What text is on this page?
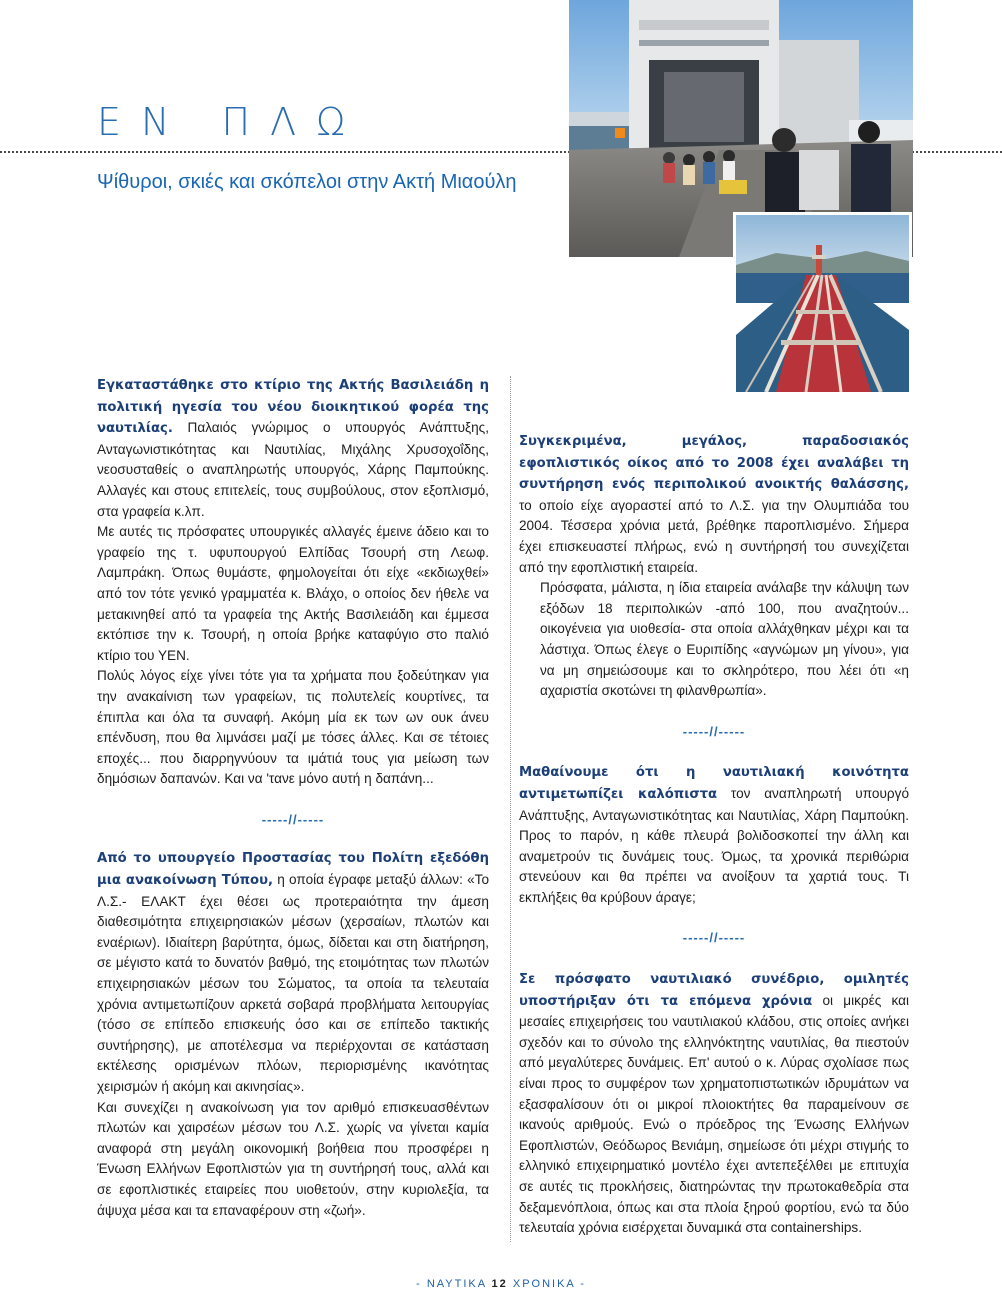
ΕΝ ΠΛΩ
Ψίθυροι, σκιές και σκόπελοι στην Ακτή Μιαούλη

Εγκαταστάθηκε στο κτίριο της Ακτής Βασιλειάδη η πολιτική ηγεσία του νέου διοικητικού φορέα της ναυτιλίας. Παλαιός γνώριμος ο υπουργός Ανάπτυξης, Ανταγωνιστικότητας και Ναυτιλίας, Μιχάλης Χρυσοχοΐδης, νεοσυσταθείς ο αναπληρωτής υπουργός, Χάρης Παμπούκης. Αλλαγές και στους επιτελείς, τους συμβούλους, στον εξοπλισμό, στα γραφεία κ.λπ.

Με αυτές τις πρόσφατες υπουργικές αλλαγές έμεινε άδειο και το γραφείο της τ. υφυπουργού Ελπίδας Τσουρή στη Λεωφ. Λαμπράκη. Όπως θυμάστε, φημολογείται ότι είχε «εκδιωχθεί» από τον τότε γενικό γραμματέα κ. Βλάχο, ο οποίος δεν ήθελε να μετακινηθεί από τα γραφεία της Ακτής Βασιλειάδη και έμμεσα εκτόπισε την κ. Τσουρή, η οποία βρήκε καταφύγιο στο παλιό κτίριο του ΥΕΝ.

Πολύς λόγος είχε γίνει τότε για τα χρήματα που ξοδεύτηκαν για την ανακαίνιση των γραφείων, τις πολυτελείς κουρτίνες, τα έπιπλα και όλα τα συναφή. Ακόμη μία εκ των ων ουκ άνευ επένδυση, που θα λιμνάσει μαζί με τόσες άλλες. Και σε τέτοιες εποχές... που διαρρηγνύουν τα ιμάτιά τους για μείωση των δημόσιων δαπανών. Και να 'τανε μόνο αυτή η δαπάνη...

-----//-----

Από το υπουργείο Προστασίας του Πολίτη εξεδόθη μια ανακοίνωση Τύπου, η οποία έγραφε μεταξύ άλλων: «Το Λ.Σ.- ΕΛΑΚΤ έχει θέσει ως προτεραιότητα την άμεση διαθεσιμότητα επιχειρησιακών μέσων (χερσαίων, πλωτών και εναέριων). Ιδιαίτερη βαρύτητα, όμως, δίδεται και στη διατήρηση, σε μέγιστο κατά το δυνατόν βαθμό, της ετοιμότητας των πλωτών επιχειρησιακών μέσων του Σώματος, τα οποία τα τελευταία χρόνια αντιμετωπίζουν αρκετά σοβαρά προβλήματα λειτουργίας (τόσο σε επίπεδο επισκευής όσο και σε επίπεδο τακτικής συντήρησης), με αποτέλεσμα να περιέρχονται σε κατάσταση εκτέλεσης ορισμένων πλόων, περιορισμένης ικανότητας χειρισμών ή ακόμη και ακινησίας».

Και συνεχίζει η ανακοίνωση για τον αριθμό επισκευασθέντων πλωτών και χαιρσέων μέσων του Λ.Σ. χωρίς να γίνεται καμία αναφορά στη μεγάλη οικονομική βοήθεια που προσφέρει η Ένωση Ελλήνων Εφοπλιστών για τη συντήρησή τους, αλλά και σε εφοπλιστικές εταιρείες που υιοθετούν, στην κυριολεξία, τα άψυχα μέσα και τα επαναφέρουν στη «ζωή».

Συγκεκριμένα, μεγάλος, παραδοσιακός εφοπλιστικός οίκος από το 2008 έχει αναλάβει τη συντήρηση ενός περιπολικού ανοικτής θαλάσσης, το οποίο είχε αγοραστεί από το Λ.Σ. για την Ολυμπιάδα του 2004. Τέσσερα χρόνια μετά, βρέθηκε παροπλισμένο. Σήμερα έχει επισκευαστεί πλήρως, ενώ η συντήρησή του συνεχίζεται από την εφοπλιστική εταιρεία.

Πρόσφατα, μάλιστα, η ίδια εταιρεία ανάλαβε την κάλυψη των εξόδων 18 περιπολικών -από 100, που αναζητούν... οικογένεια για υιοθεσία- στα οποία αλλάχθηκαν μέχρι και τα λάστιχα. Όπως έλεγε ο Ευριπίδης «αγνώμων μη γίνου», για να μη σημειώσουμε και το σκληρότερο, που λέει ότι «η αχαριστία σκοτώνει τη φιλανθρωπία».

-----//-----

Μαθαίνουμε ότι η ναυτιλιακή κοινότητα αντιμετωπίζει καλόπιστα τον αναπληρωτή υπουργό Ανάπτυξης, Ανταγωνιστικότητας και Ναυτιλίας, Χάρη Παμπούκη. Προς το παρόν, η κάθε πλευρά βολιδοσκοπεί την άλλη και αναμετρούν τις δυνάμεις τους. Όμως, τα χρονικά περιθώρια στενεύουν και θα πρέπει να ανοίξουν τα χαρτιά τους. Τι εκπλήξεις θα κρύβουν άραγε;

-----//-----

Σε πρόσφατο ναυτιλιακό συνέδριο, ομιλητές υποστήριξαν ότι τα επόμενα χρόνια οι μικρές και μεσαίες επιχειρήσεις του ναυτιλιακού κλάδου, στις οποίες ανήκει σχεδόν και το σύνολο της ελληνόκτητης ναυτιλίας, θα πιεστούν από μεγαλύτερες δυνάμεις. Επ' αυτού ο κ. Λύρας σχολίασε πως είναι προς το συμφέρον των χρηματοπιστωτικών ιδρυμάτων να εξασφαλίσουν ότι οι μικροί πλοιοκτήτες θα παραμείνουν σε ικανούς αριθμούς. Ενώ ο πρόεδρος της Ένωσης Ελλήνων Εφοπλιστών, Θεόδωρος Βενιάμη, σημείωσε ότι μέχρι στιγμής το ελληνικό επιχειρηματικό μοντέλο έχει αντεπεξέλθει με επιτυχία σε αυτές τις προκλήσεις, διατηρώντας την πρωτοκαθεδρία στα δεξαμενόπλοια, όπως και στα πλοία ξηρού φορτίου, ενώ τα δύο τελευταία χρόνια εισέρχεται δυναμικά στα containerships.

- ΝΑΥΤΙΚΑ 12 ΧΡΟΝΙΚΑ -
